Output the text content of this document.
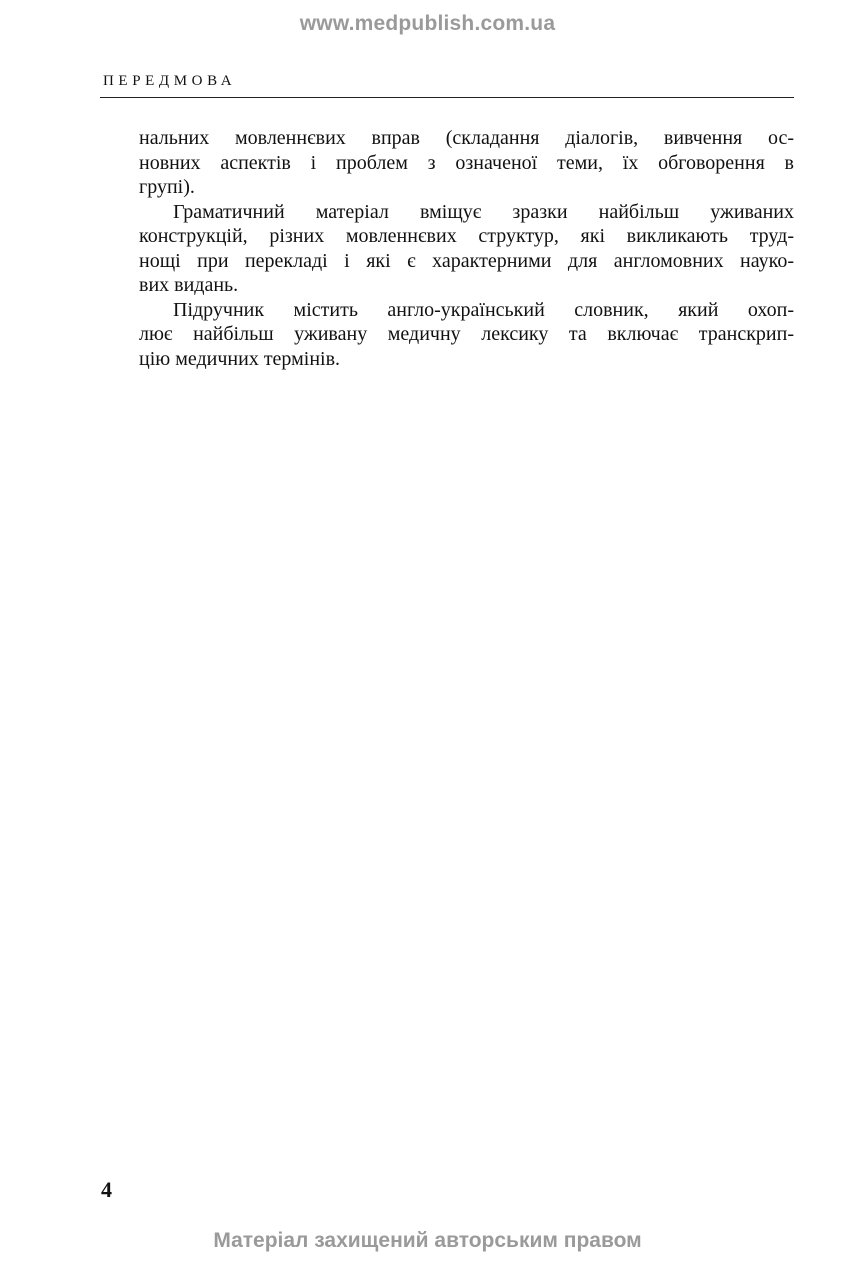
www.medpublish.com.ua
ПЕРЕДМОВА
нальних мовленнєвих вправ (складання діалогів, вивчення ос-
новних аспектів і проблем з означеної теми, їх обговорення в
групі).
Граматичний матеріал вміщує зразки найбільш уживаних
конструкцій, різних мовленнєвих структур, які викликають труд-
нощі при перекладі і які є характерними для англомовних науко-
вих видань.
Підручник містить англо-український словник, який охоп-
лює найбільш уживану медичну лексику та включає транскрип-
цію медичних термінів.
4
Матеріал захищений авторським правом
